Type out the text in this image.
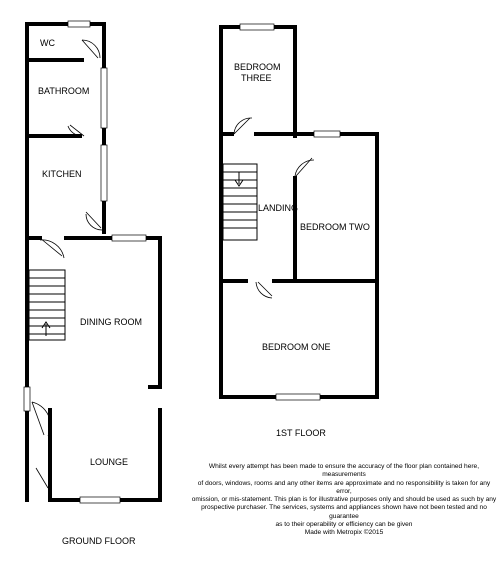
WC
BATHROOM
KITCHEN
DINING ROOM
LOUNGE
BEDROOM
THREE
LANDING
BEDROOM TWO
BEDROOM ONE
1ST FLOOR
GROUND FLOOR

Whilst every attempt has been made to ensure the accuracy of the floor plan contained here, measurements
of doors, windows, rooms and any other items are approximate and no responsibility is taken for any error,
omission, or mis-statement. This plan is for illustrative purposes only and should be used as such by any
prospective purchaser. The services, systems and appliances shown have not been tested and no guarantee
as to their operability or efficiency can be given
Made with Metropix ©2015
